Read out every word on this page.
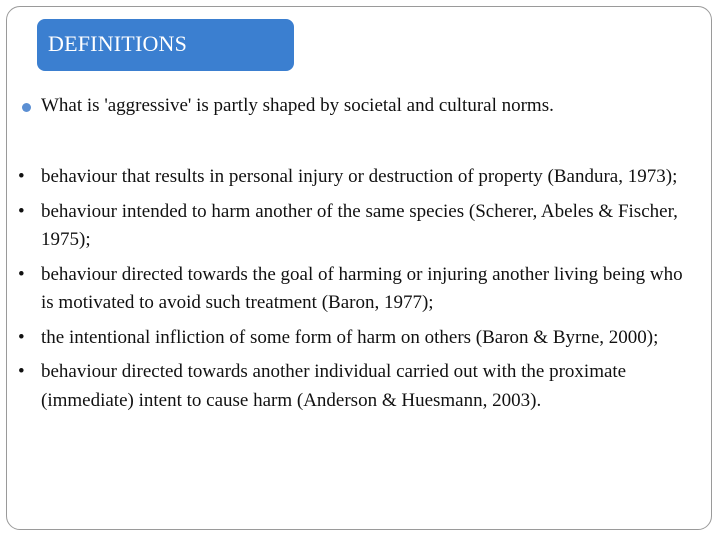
DEFINITIONS
What is 'aggressive' is partly shaped by societal and cultural norms.
• behaviour that results in personal injury or destruction of property (Bandura, 1973);
• behaviour intended to harm another of the same species (Scherer, Abeles & Fischer, 1975);
• behaviour directed towards the goal of harming or injuring another living being who is motivated to avoid such treatment (Baron, 1977);
• the intentional infliction of some form of harm on others (Baron & Byrne, 2000);
• behaviour directed towards another individual carried out with the proximate (immediate) intent to cause harm (Anderson & Huesmann, 2003).
